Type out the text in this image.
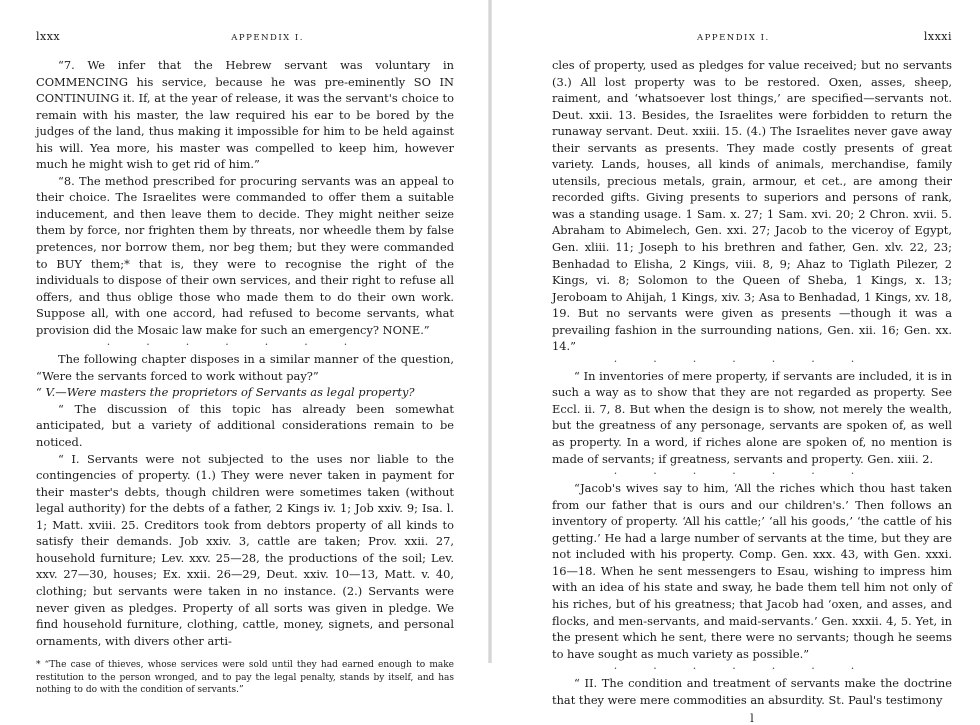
lxxx	APPENDIX I.

“7. We infer that the Hebrew servant was voluntary in COMMENCING his service, because he was pre-eminently SO IN CONTINUING it. If, at the year of release, it was the servant's choice to remain with his master, the law required his ear to be bored by the judges of the land, thus making it impossible for him to be held against his will. Yea more, his master was compelled to keep him, however much he might wish to get rid of him.”

“8. The method prescribed for procuring servants was an appeal to their choice. The Israelites were commanded to offer them a suitable inducement, and then leave them to decide. They might neither seize them by force, nor frighten them by threats, nor wheedle them by false pretences, nor borrow them, nor beg them; but they were commanded to BUY them;* that is, they were to recognise the right of the individuals to dispose of their own services, and their right to refuse all offers, and thus oblige those who made them to do their own work. Suppose all, with one accord, had refused to become servants, what provision did the Mosaic law make for such an emergency? NONE.”

·······

The following chapter disposes in a similar manner of the question, “Were the servants forced to work without pay?”

“ V.—Were masters the proprietors of Servants as legal property?

“ The discussion of this topic has already been somewhat anticipated, but a variety of additional considerations remain to be noticed.

“ I. Servants were not subjected to the uses nor liable to the contingencies of property. (1.) They were never taken in payment for their master's debts, though children were sometimes taken (without legal authority) for the debts of a father, 2 Kings iv. 1; Job xxiv. 9; Isa. l. 1; Matt. xviii. 25. Creditors took from debtors property of all kinds to satisfy their demands. Job xxiv. 3, cattle are taken; Prov. xxii. 27, household furniture; Lev. xxv. 25—28, the productions of the soil; Lev. xxv. 27—30, houses; Ex. xxii. 26—29, Deut. xxiv. 10—13, Matt. v. 40, clothing; but servants were taken in no instance. (2.) Servants were never given as pledges. Property of all sorts was given in pledge. We find household furniture, clothing, cattle, money, signets, and personal ornaments, with divers other arti-

* “The case of thieves, whose services were sold until they had earned enough to make restitution to the person wronged, and to pay the legal penalty, stands by itself, and has nothing to do with the condition of servants.”
APPENDIX I.	lxxxi

cles of property, used as pledges for value received; but no servants (3.) All lost property was to be restored. Oxen, asses, sheep, raiment, and ‘whatsoever lost things,’ are specified—servants not. Deut. xxii. 13. Besides, the Israelites were forbidden to return the runaway servant. Deut. xxiii. 15. (4.) The Israelites never gave away their servants as presents. They made costly presents of great variety. Lands, houses, all kinds of animals, merchandise, family utensils, precious metals, grain, armour, et cet., are among their recorded gifts. Giving presents to superiors and persons of rank, was a standing usage. 1 Sam. x. 27; 1 Sam. xvi. 20; 2 Chron. xvii. 5. Abraham to Abimelech, Gen. xxi. 27; Jacob to the viceroy of Egypt, Gen. xliii. 11; Joseph to his brethren and father, Gen. xlv. 22, 23; Benhadad to Elisha, 2 Kings, viii. 8, 9; Ahaz to Tiglath Pilezer, 2 Kings, vi. 8; Solomon to the Queen of Sheba, 1 Kings, x. 13; Jeroboam to Ahijah, 1 Kings, xiv. 3; Asa to Benhadad, 1 Kings, xv. 18, 19. But no servants were given as presents —though it was a prevailing fashion in the surrounding nations, Gen. xii. 16; Gen. xx. 14.”

·······

“ In inventories of mere property, if servants are included, it is in such a way as to show that they are not regarded as property. See Eccl. ii. 7, 8. But when the design is to show, not merely the wealth, but the greatness of any personage, servants are spoken of, as well as property. In a word, if riches alone are spoken of, no mention is made of servants; if greatness, servants and property. Gen. xiii. 2.

·······

“Jacob's wives say to him, ‘All the riches which thou hast taken from our father that is ours and our children's.’ Then follows an inventory of property. ‘All his cattle;’ ‘all his goods,’ ‘the cattle of his getting.’ He had a large number of servants at the time, but they are not included with his property. Comp. Gen. xxx. 43, with Gen. xxxi. 16—18. When he sent messengers to Esau, wishing to impress him with an idea of his state and sway, he bade them tell him not only of his riches, but of his greatness; that Jacob had ‘oxen, and asses, and flocks, and men-servants, and maid-servants.’ Gen. xxxii. 4, 5. Yet, in the present which he sent, there were no servants; though he seems to have sought as much variety as possible.”

·······

“ II. The condition and treatment of servants make the doctrine that they were mere commodities an absurdity. St. Paul's testimony

l
